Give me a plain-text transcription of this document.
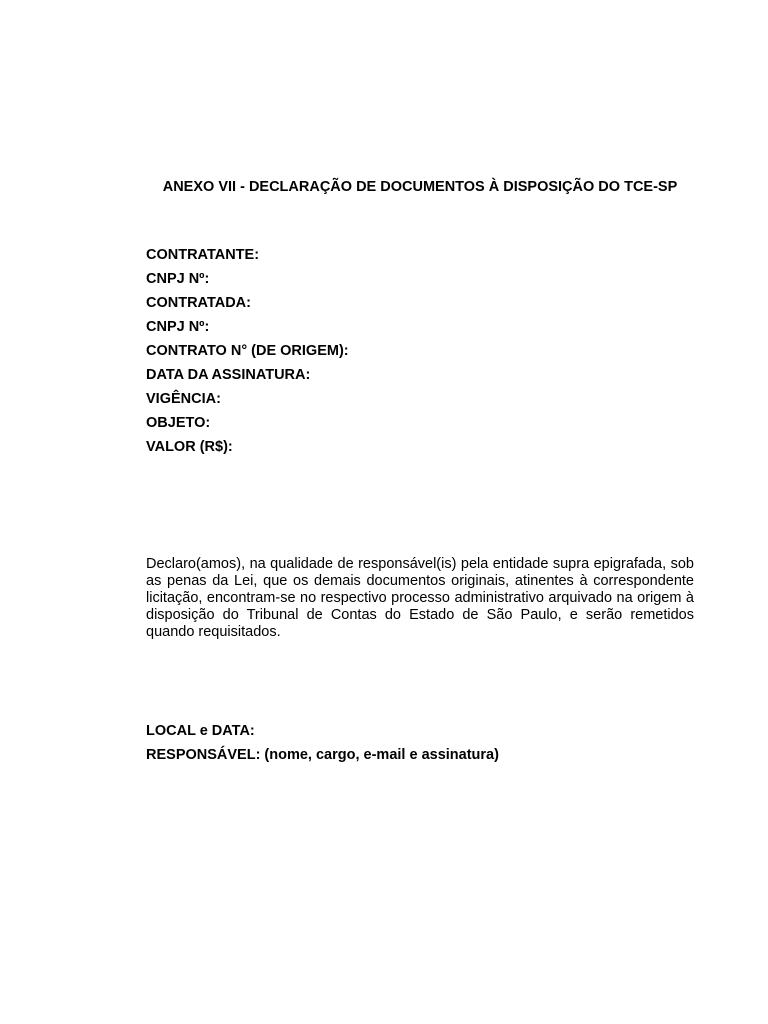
ANEXO VII - DECLARAÇÃO DE DOCUMENTOS À DISPOSIÇÃO DO TCE-SP
CONTRATANTE:
CNPJ Nº:
CONTRATADA:
CNPJ Nº:
CONTRATO N° (DE ORIGEM):
DATA DA ASSINATURA:
VIGÊNCIA:
OBJETO:
VALOR (R$):
Declaro(amos), na qualidade de responsável(is) pela entidade supra epigrafada, sob as penas da Lei, que os demais documentos originais, atinentes à correspondente licitação, encontram-se no respectivo processo administrativo arquivado na origem à disposição do Tribunal de Contas do Estado de São Paulo, e serão remetidos quando requisitados.
LOCAL e DATA:
RESPONSÁVEL: (nome, cargo, e-mail e assinatura)
